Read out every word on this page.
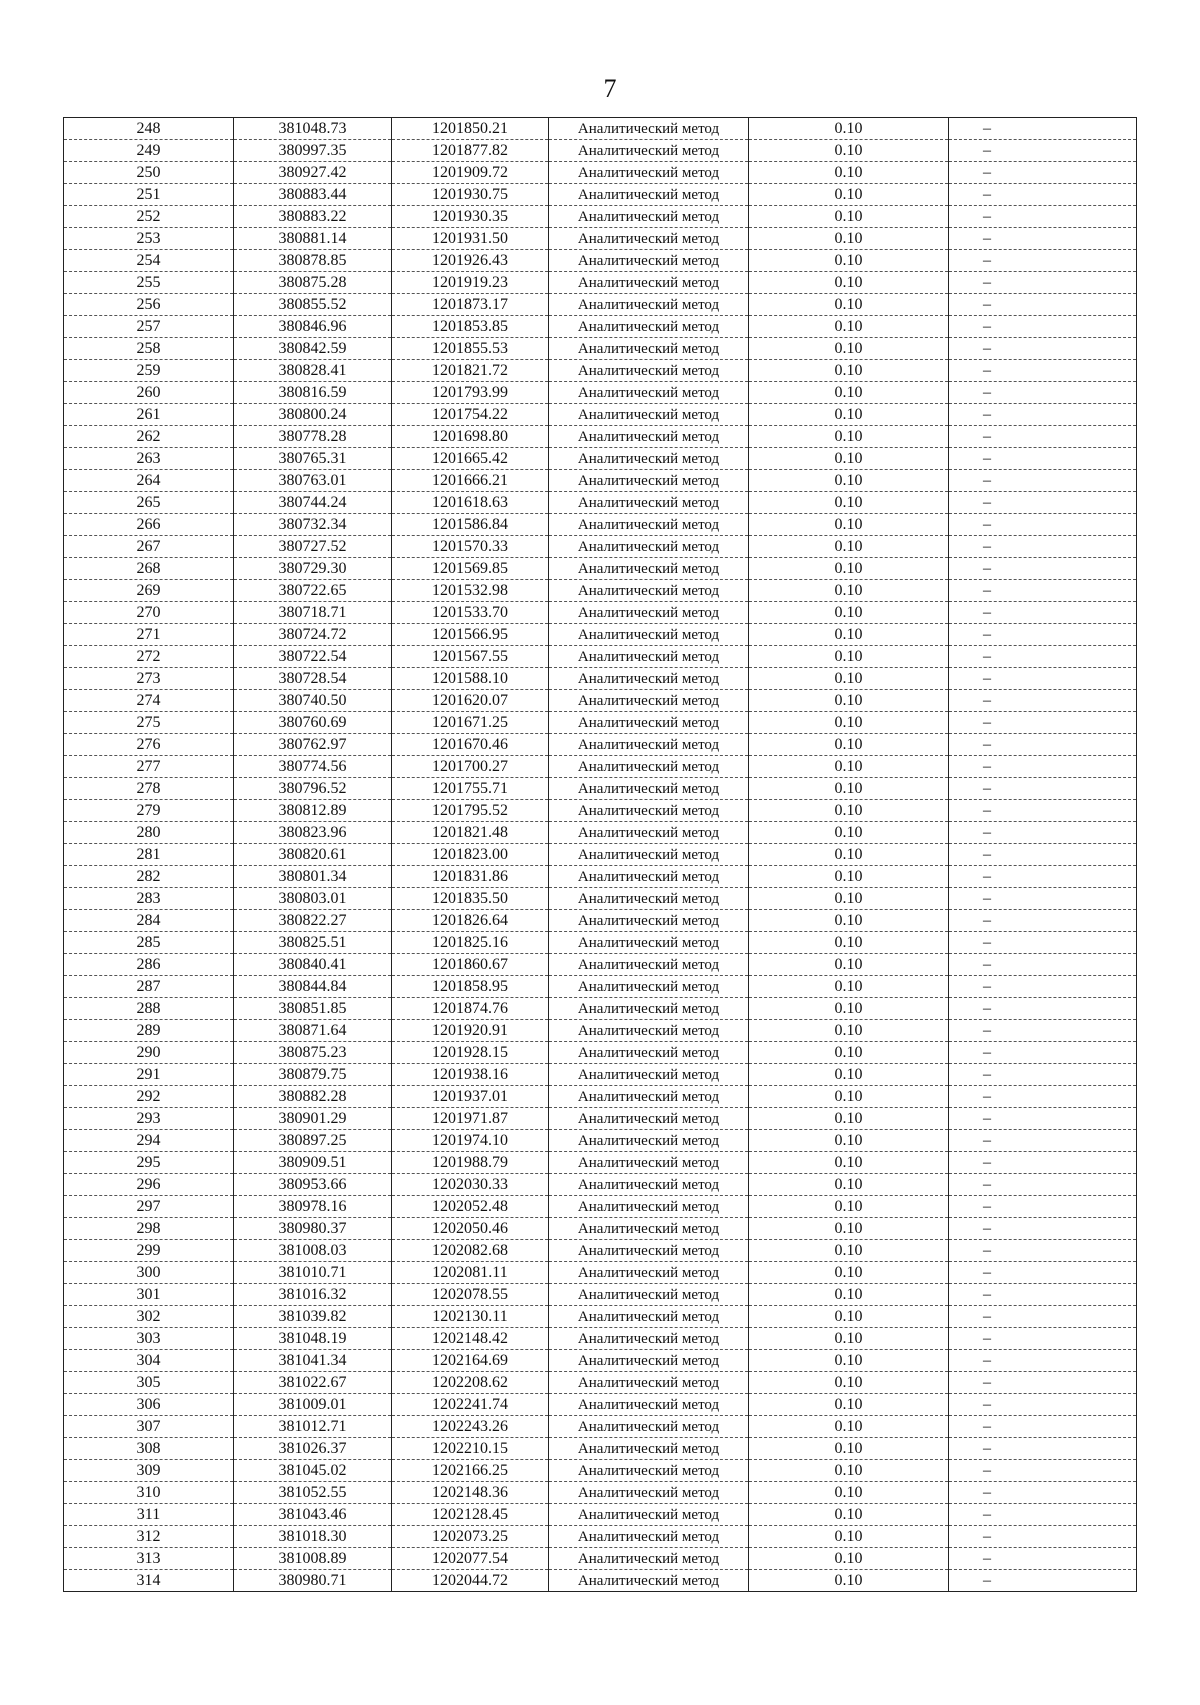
7
248	381048.73	1201850.21	Аналитический метод	0.10	–
249	380997.35	1201877.82	Аналитический метод	0.10	–
250	380927.42	1201909.72	Аналитический метод	0.10	–
251	380883.44	1201930.75	Аналитический метод	0.10	–
252	380883.22	1201930.35	Аналитический метод	0.10	–
253	380881.14	1201931.50	Аналитический метод	0.10	–
254	380878.85	1201926.43	Аналитический метод	0.10	–
255	380875.28	1201919.23	Аналитический метод	0.10	–
256	380855.52	1201873.17	Аналитический метод	0.10	–
257	380846.96	1201853.85	Аналитический метод	0.10	–
258	380842.59	1201855.53	Аналитический метод	0.10	–
259	380828.41	1201821.72	Аналитический метод	0.10	–
260	380816.59	1201793.99	Аналитический метод	0.10	–
261	380800.24	1201754.22	Аналитический метод	0.10	–
262	380778.28	1201698.80	Аналитический метод	0.10	–
263	380765.31	1201665.42	Аналитический метод	0.10	–
264	380763.01	1201666.21	Аналитический метод	0.10	–
265	380744.24	1201618.63	Аналитический метод	0.10	–
266	380732.34	1201586.84	Аналитический метод	0.10	–
267	380727.52	1201570.33	Аналитический метод	0.10	–
268	380729.30	1201569.85	Аналитический метод	0.10	–
269	380722.65	1201532.98	Аналитический метод	0.10	–
270	380718.71	1201533.70	Аналитический метод	0.10	–
271	380724.72	1201566.95	Аналитический метод	0.10	–
272	380722.54	1201567.55	Аналитический метод	0.10	–
273	380728.54	1201588.10	Аналитический метод	0.10	–
274	380740.50	1201620.07	Аналитический метод	0.10	–
275	380760.69	1201671.25	Аналитический метод	0.10	–
276	380762.97	1201670.46	Аналитический метод	0.10	–
277	380774.56	1201700.27	Аналитический метод	0.10	–
278	380796.52	1201755.71	Аналитический метод	0.10	–
279	380812.89	1201795.52	Аналитический метод	0.10	–
280	380823.96	1201821.48	Аналитический метод	0.10	–
281	380820.61	1201823.00	Аналитический метод	0.10	–
282	380801.34	1201831.86	Аналитический метод	0.10	–
283	380803.01	1201835.50	Аналитический метод	0.10	–
284	380822.27	1201826.64	Аналитический метод	0.10	–
285	380825.51	1201825.16	Аналитический метод	0.10	–
286	380840.41	1201860.67	Аналитический метод	0.10	–
287	380844.84	1201858.95	Аналитический метод	0.10	–
288	380851.85	1201874.76	Аналитический метод	0.10	–
289	380871.64	1201920.91	Аналитический метод	0.10	–
290	380875.23	1201928.15	Аналитический метод	0.10	–
291	380879.75	1201938.16	Аналитический метод	0.10	–
292	380882.28	1201937.01	Аналитический метод	0.10	–
293	380901.29	1201971.87	Аналитический метод	0.10	–
294	380897.25	1201974.10	Аналитический метод	0.10	–
295	380909.51	1201988.79	Аналитический метод	0.10	–
296	380953.66	1202030.33	Аналитический метод	0.10	–
297	380978.16	1202052.48	Аналитический метод	0.10	–
298	380980.37	1202050.46	Аналитический метод	0.10	–
299	381008.03	1202082.68	Аналитический метод	0.10	–
300	381010.71	1202081.11	Аналитический метод	0.10	–
301	381016.32	1202078.55	Аналитический метод	0.10	–
302	381039.82	1202130.11	Аналитический метод	0.10	–
303	381048.19	1202148.42	Аналитический метод	0.10	–
304	381041.34	1202164.69	Аналитический метод	0.10	–
305	381022.67	1202208.62	Аналитический метод	0.10	–
306	381009.01	1202241.74	Аналитический метод	0.10	–
307	381012.71	1202243.26	Аналитический метод	0.10	–
308	381026.37	1202210.15	Аналитический метод	0.10	–
309	381045.02	1202166.25	Аналитический метод	0.10	–
310	381052.55	1202148.36	Аналитический метод	0.10	–
311	381043.46	1202128.45	Аналитический метод	0.10	–
312	381018.30	1202073.25	Аналитический метод	0.10	–
313	381008.89	1202077.54	Аналитический метод	0.10	–
314	380980.71	1202044.72	Аналитический метод	0.10	–
